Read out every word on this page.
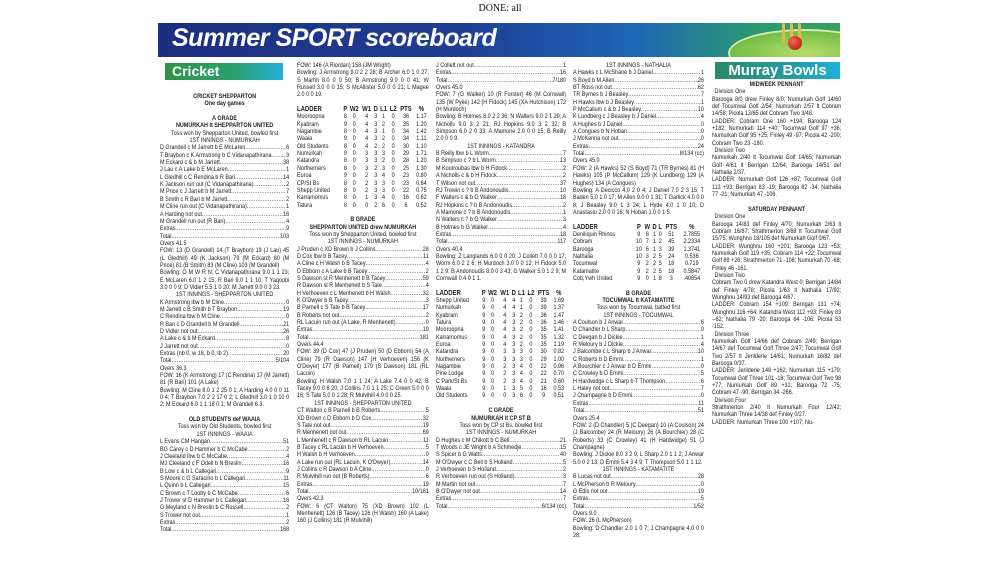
DONE: all
Summer SPORT scoreboard
Cricket	Murray Bowls
CRICKET SHEPPARTON
One day games
A GRADE
NUMURKAH lt SHEPPARTON UNITED
Toss won by Shepparton United, bowled first
1ST INNINGS - NUMURKAH
D Grandell c M Jarrett b E McLaren .....	6
T Braybon c K Armstrong b C Vidanapathirana ..... 3
M Eckard c & b M Jarrett .....	38
J Lau c A Lake b E McLaren .....	1
L Gledhill c C Rendina b R Bari .....	14
K Jackson run out (C Vidanapathirana) .....	2
M Price c J Jarrett b M Jarrett .....	7
B Smith c R Bari b M Jarrett .....	2
M Cline run out (C Vidanapathirana) .....	1
A Harding not out .....	16
M Grandell run out (R Bari) .....	4
Extras .....	9
Total .....	103
Overs 41.5
FOW: 13 (D Grandell) 14 (T Braybon) 19 (J Lau) 45 (L Gledhill) 49 (K Jackson) 79 (M Eckard) 80 (M Price) 81 (B Smith) 83 (M Cline) 103 (M Grandell)
Bowling: O M W R N; C Vidanapathirana 9.0 1 1 23; E McLaren 6.0 1 2 15; R Bari 9.0 1 1 10; T Yaqoobi 3.0 0 0 9; D Vidler 5.5 1 0 20; M Jarrett 9.0 0 3 23.
1ST INNINGS - SHEPPARTON UNITED
K Armstrong lbw b M Cline .....	0
M Jarrett c B Smith b T Braybon .....	19
C Rendina lbw b M Cline .....	0
R Bari c D Grandell b M Grandell .....	21
D Vidler not out .....	26
A Lake c & b M Eckard .....	8
J Jarrett not out .....	0
Extras (nb 0, w 18, b 0, lb 2) .....	20
Total .....	5/104
Overs 36.3
FOW: 16 (K Armstrong) 17 (C Rendina) 17 (M Jarrett) 81 (R Bari) 101 (A Lake)
Bowling: M Cline 8.0 1 2 25 0 1; A Harding 4.0 0 0 11 0 4; T Braybon 7.0 2 2 17 0 2; L Gledhill 3.0 1 0 10 0 2; M Eckard 6.0 1 1 18 0 1; M Grandell 6.3.
OLD STUDENTS def WAAIA
Toss won by Old Students, bowled first
1ST INNINGS - WAAIA
L Evans CM Hangan .....	51
BG Carey c D Hammer b C McCabe .....	2
J Cleeland lbw b C McCabe .....	4
MJ Cleeland c F Odell b N Breslin .....	16
B Low c & b L Callegari .....	9
S Moore c G Saracino b L Callegari .....	11
L Quinn b L Callegari .....	15
C Brown c T Looby b C McCabe .....	6
J Trower st D Hammer b L Callegari .....	16
G Meyland c N Breslin b C Russell .....	2
S Trower not out .....	1
Extras .....	2
Total .....	168
FOW: 146 (A Riordan) 158 (JM Wright)
Bowling: J Armstrong 9.0 2 2 28; B Archer 6.0 1 0 27; S Martin 8.0 0 0 50; B Armstrong 9.0 0 0 41; W Russell 3.0 0 0 15; S McAllister 5.0 0 0 21; L Magee 2.0 0 0 19.
LADDER	P	W2	W1	D	L1	L2	PTS	%
Mooroopna	8	0	4	3	1	0	36	1.17
Kyabram	9	0	4	3	2	0	35	1.20
Nagambie	8	0	4	3	1	0	34	1.42
Waaia	9	0	4	3	2	0	34	1.11
Old Students	8	0	4	2	2	0	30	1.10
Numurkah	9	0	3	3	3	0	29	1.71
Katandra	8	0	3	3	2	0	28	1.20
Northerners	8	0	3	2	3	0	25	1.30
Euroa	9	0	2	3	4	0	23	0.80
CP/St Bs	8	0	2	3	3	0	23	0.64
Shepp United	8	0	2	3	3	0	22	0.75
Karramomus	8	0	1	3	4	0	16	0.62
Tatura	8	0	0	2	6	0	6	0.52
B GRADE
SHEPPARTON UNITED drew NUMURKAH
Toss won by Shepparton United, bowled first
1ST INNINGS - NUMURKAH
J Pruden c XD Brown b J Collins .....	28
D Cox lbw b B Tacey .....	11
A Cline c H Walsh b B Tacey .....	4
D Ebborn c A Lake b B Tacey .....	2
S Dawson st R Menhenett b B Tacey .....	59
R Dawson st R Menhenett b S Tate .....	4
H Verhoeven c L Menhenett b H Walsh .....	32
K O'Dwyer b B Tacey .....	3
B Parnell c S Tate b B Tacey .....	17
B Roberts not out .....	2
RL Lacuin run out (A Lake, R Menhenett) .....	0
Extras .....	19
Total .....	181
Overs 44.4
FOW: 39 (D Cox) 47 (J Pruden) 50 (D Ebborn) 54 (A Cline) 79 (R Dawson) 147 (H Verhoeven) 156 (K O'Dwyer) 177 (B Parnell) 179 (S Dawson) 181 (RL Lacuin)
Bowling: H Walsh 7.0 1 1 24; A Lake 7.4 0 0 42; B Tacey 9.0 0 6 20; J Collins 7.0 1 1 25; C Green 5.0 0 0 16; S Tate 5.0 0 1 28; R Mulvihill 4.0 0 0 25.
1ST INNINGS - SHEPPARTON UNITED
CT Walton c B Parnell b B Roberts .....	5
XD Brown c D Ebborn b D Cox .....	32
S Tate not out .....	19
R Menhenett not out .....	69
L Menhenett c R Dawson b RL Lacuin .....	11
B Tacey c RL Lacuin b H Verhoeven .....	5
H Walsh b H Verhoeven .....	0
A Lake run out (RL Lacuin, K O'Dwyer) .....	14
J Collins c R Dawson b A Cline .....	0
R Mulvihill run out (B Roberts) .....	6
Extras .....	19
Total .....	10/181
Overs 42.3
FOW: 6 (CT Walton) 75 (XD Brown) 102 (L Menhenett) 126 (B Tacey) 126 (H Walsh) 160 (A Lake) 160 (J Collins) 181 (R Mulvihill)
J Collett not out .....	1
Extras .....	16
Total .....	7/180
Overs 45.0
FOW: 7 (G Walker) 10 (R Forster) 46 (M Cornwall) 135 (W Pyke) 142 (H Fidock) 145 (XA Hutchison) 172 (H Murdoch)
Bowling: B Holmes 8.0 2 2 36; N Walters 9.0 2 1 29; A Nicholls 9.0 3 2 21; RJ Hopkins 9.0 3 2 32; B Simpson 6.0 2 0 33; A Mamone 2.0 0 0 15; B Reilly 2.0 0 0 9.
1ST INNINGS - KATANDRA
B Reilly lbw b L Worm .....	7
B Simpson c ? b L Worm .....	13
M Koutroubas lbw b H Fidock .....	2
A Nicholls c & b H Fidock .....	2
T Wilson not out .....	37
RJ Trewin c ? b B Andonoudis .....	10
F Walters c & b G Walker .....	18
RJ Hopkins c ? b B Andonoudis .....	2
A Mamone c ? b B Andonoudis .....	1
N Walters c ? b G Walker .....	3
B Holmes b G Walker .....	4
Extras .....	18
Total .....	117
Overs 40.4
Bowling: Z Langlands 6.0 0 0 20; J Collett 7.0 0 0 17; Worm 6.0 2 2 6; H Murdoch 3.0 0 0 12; H Fidock 5.0 1 2 9; B Andonoudis 8.0 0 3 43; G Walker 5.0 1 2 9; M Cornwall 0.4 0 1 1.
LADDER	P	W2	W1	D	L1	L2	PTS	%
Shepp United	9	0	4	4	1	0	39	1.69
Numurkah	9	0	4	4	1	0	39	1.37
Kyabram	9	0	4	3	2	0	36	1.47
Tatura	9	0	4	3	2	0	36	1.46
Mooroopna	9	0	4	3	2	0	35	1.41
Karramomus	9	0	4	3	2	0	35	1.32
Euroa	9	0	4	3	2	0	35	1.19
Katandra	9	0	3	3	3	0	30	0.82
Northerners	9	0	3	3	3	0	29	1.00
Nagambie	9	0	2	3	4	0	22	0.96
Pine Lodge	9	0	2	3	4	0	22	0.70
C Park/St Bs	9	0	2	3	4	0	21	0.60
Waaia	9	0	1	3	5	0	16	0.53
Old Students	9	0	0	3	6	0	9	0.51
C GRADE
NUMURKAH lt CP ST B
Toss won by CP st Bs, bowled first
1ST INNINGS - NUMURKAH
D Hughes c M Chikott b C Bell .....	21
T Woods c JE Wright b A Schmedje .....	15
S Spicer b G Watts .....	40
M O'Dwyer c C Bell b S Holland .....	5
J Verhoeven b S Holland .....	2
R Verhoeven run out (S Holland) .....	3
M Martin not out .....	7
B O'Dwyer not out .....	14
Extras .....	7
Total .....	6/134 (cc)
1ST INNINGS - NATHALIA
A Hawks c L McShane b J Daniel .....	1
S Boyd b M Allen .....	26
BT Ross not out .....	62
TR Byrnes b J Beasley .....	7
H Hawks lbw b J Beasley .....	1
P McCallum c & b J Beasley .....	10
K Lundberg c J Beasley b J Daniel .....	4
A Hughes b J Daniel .....	0
A Congues b N Hoban .....	0
J McKenna not out .....	0
Extras .....	24
Total .....	8/134 (cc)
Overs 45.0
FOW: 2 (A Hawks) 52 (S Boyd) 71 (TR Byrnes) 81 (H Hawks) 105 (P McCallum) 129 (K Lundberg) 129 (A Hughes) 134 (A Congues)
Bowling: A Decicco 4.0 2 0 4; J Daniel 7.0 2 3 15; T Baden 5.0 1 0 17; M Allen 9.0 0 1 31; T Garlick 4.0 0 0 8; J Beasley 9.0 1 3 24; L Hyde 4.0 1 0 10; D Anastasio 2.0 0 0 16; N Hoban 1.0 0 1 5.
LADDER	P	W	D	L	PTS	%
Deniliquin Rhinos	9	8	1	0	51	2.7855
Cobram	10	7	1	2	45	2.2334
Barooga	10	6	1	3	39	1.3741
Nathalia	10	3	2	5	24	0.536
Tocumwal	9	2	2	5	18	0.719
Katamatite	9	2	2	5	18	0.5847
Cob,Ywh United	9	0	1	8	3	.40854
B GRADE
TOCUMWAL lt KATAMATITE
Toss won by Tocumwal, batted first
1ST INNINGS - TOCUMWAL
A Coulson b J Anwar .....	6
D Chandler b L Sharp .....	0
C Deegan b J Dickie .....	1
R Meloury b J Dickie .....	4
J Balcombe c L Sharp b J Anwar .....	10
C Roberts b D Emmi .....	1
A Bourchier c J Anwar b D Emmi .....	0
C Crowley b D Emmi .....	5
H Hardwidge c L Sharp b T Thompson .....	6
L Haley not out .....	7
J Champagne b D Emmi .....	0
Extras .....	11
Total .....	51
Overs 25.4
FOW: 2 (D Chandler) 5 (C Deegan) 10 (A Coulson) 24 (J Balcombe) 24 (R Meloury) 26 (A Bourchier) 28 (C Roberts) 33 (C Crowley) 41 (H Hardwidge) 51 (J Champagne)
Bowling: J Dickie 8.0 3 2 9; L Sharp 2.0 1 1 2; J Anwar 5.0 0 2 13; D Emmi 5.4 3 4 9; T Thompson 5.0 1 1 12.
1ST INNINGS - KATAMATITE
B Lucas not out .....	28
L McPherson b R Meloury .....	0
G Edis not out .....	19
Extras .....	5
Total .....	1/52
Overs 9.0
FOW: 26 (L McPherson)
Bowling: D Chandler 2.0 1 0 7; J Champagne 4.0 0 0 28;
MIDWEEK PENNANT
Division One
Barooga 8/0 drew Finley 8/0; Numurkah Golf 14/60 def Tocumwal Golf 2/54; Numurkah 2/57 lt Cobram 14/58; Picola 13/65 def Cobram Two 3/48.
LADDER: Cobram One 160 +194; Barooga 124 +182; Numurkah 114 +40; Tocumwal Golf 97 +36; Numurkah Golf 95 +25; Finley 49 -97; Picola 42 -200; Cobram Two 23 -180.
Division Two
Numurkah 2/40 lt Tocumwal Golf 14/65; Numurkah Golf 4/61 lt Berrigan 12/64; Barooga 14/51 def Nathalia 2/37.
LADDER: Numurkah Golf 126 +87; Tocumwal Golf 113 +93; Berrigan 83 -19; Barooga 82 -34; Nathalia 77 -21; Numurkah 47 -106.
SATURDAY PENNANT
Division One
Barooga 14/83 def Finley 4/70; Numurkah 2/63 lt Cobram 16/87; Strathmerton 3/68 lt Tocumwal Golf 15/75; Wunghnu 18/105 def Numurkah Golf 0/67.
LADDER: Wunghnu 160 +201; Barooga 123 +53; Numurkah Golf 119 +35; Cobram 114 +22; Tocumwal Golf 89 +26; Strathmerton 71 -108; Numurkah 70 -68; Finley 46 -161.
Division Two
Cobram Two 0 drew Katandra West 0; Berrigan 14/84 def Finley 4/78; Picola 1/63 lt Nathalia 17/92; Wunghnu 14/93 def Barooga 4/67.
LADDER: Cobram 154 +109; Berrigan 131 +74; Wunghnu 116 +64; Katandra West 112 +93; Finley 83 --62; Nathalia 79 -20; Barooga 64 -106; Picola 53 -152.
Division Three
Numurkah Golf 14/66 def Cobram 2/49; Berrigan 14/67 def Tocumwal Golf Three 2/47; Tocumwal Golf Two 2/57 lt Jerilderie 14/61; Numurkah 16/82 def Barooga 0/37.
LADDER: Jerilderie 148 +162; Numurkah 115 +179; Tocumwal Golf Three 101 -18; Tocumwal Golf Two 98 +77; Numurkah Golf 89 +31; Barooga 72 -75; Cobram 47 -90; Berrigan 34 -266.
Division Four
Strathmerton 2/40 lt Numurkah Four 12/42; Numurkah Three 14/38 def Finley 0/27.
LADDER: Numurkah Three 100 +107; Nu-
